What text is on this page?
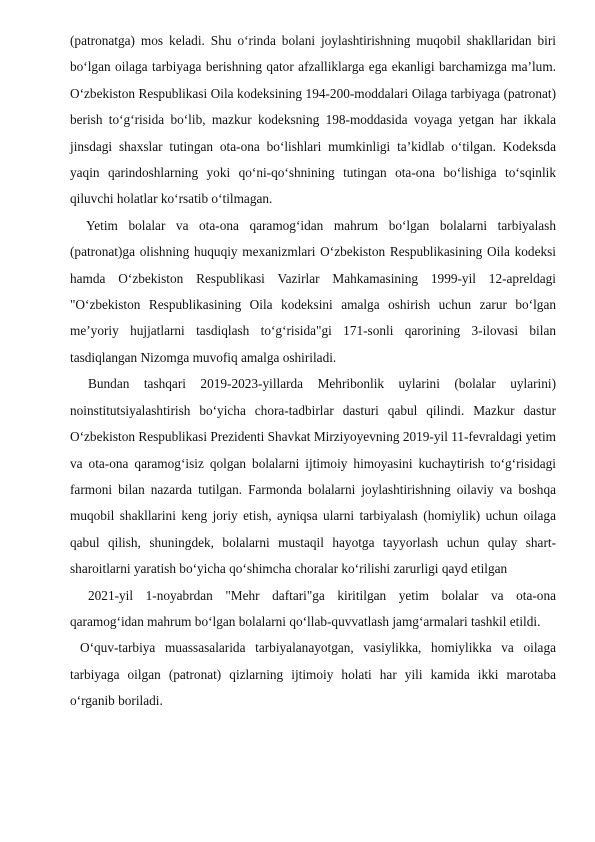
(patronatga) mos keladi. Shu o‘rinda bolani joylashtirishning muqobil shakllaridan biri bo‘lgan oilaga tarbiyaga berishning qator afzalliklarga ega ekanligi barchamizga ma’lum. O‘zbekiston Respublikasi Oila kodeksining 194-200-moddalari Oilaga tarbiyaga (patronat) berish to‘g‘risida bo‘lib, mazkur kodeksning 198-moddasida voyaga yetgan har ikkala jinsdagi shaxslar tutingan ota-ona bo‘lishlari mumkinligi ta’kidlab o‘tilgan. Kodeksda yaqin qarindoshlarning yoki qo‘ni-qo‘shnining tutingan ota-ona bo‘lishiga to‘sqinlik qiluvchi holatlar ko‘rsatib o‘tilmagan.

Yetim bolalar va ota-ona qaramog‘idan mahrum bo‘lgan bolalarni tarbiyalash (patronat)ga olishning huquqiy mexanizmlari O‘zbekiston Respublikasining Oila kodeksi hamda O‘zbekiston Respublikasi Vazirlar Mahkamasining 1999-yil 12-apreldagi "O‘zbekiston Respublikasining Oila kodeksini amalga oshirish uchun zarur bo‘lgan me’yoriy hujjatlarni tasdiqlash to‘g‘risida"gi 171-sonli qarorining 3-ilovasi bilan tasdiqlangan Nizomga muvofiq amalga oshiriladi.

Bundan tashqari 2019-2023-yillarda Mehribonlik uylarini (bolalar uylarini) noinstitutsiyalashtirish bo‘yicha chora-tadbirlar dasturi qabul qilindi. Mazkur dastur O‘zbekiston Respublikasi Prezidenti Shavkat Mirziyoyevning 2019-yil 11-fevraldagi yetim va ota-ona qaramog‘isiz qolgan bolalarni ijtimoiy himoyasini kuchaytirish to‘g‘risidagi farmoni bilan nazarda tutilgan. Farmonda bolalarni joylashtirishning oilaviy va boshqa muqobil shakllarini keng joriy etish, ayniqsa ularni tarbiyalash (homiylik) uchun oilaga qabul qilish, shuningdek, bolalarni mustaqil hayotga tayyorlash uchun qulay shart-sharoitlarni yaratish bo‘yicha qo‘shimcha choralar ko‘rilishi zarurligi qayd etilgan

2021-yil 1-noyabrdan "Mehr daftari"ga kiritilgan yetim bolalar va ota-ona qaramog‘idan mahrum bo‘lgan bolalarni qo‘llab-quvvatlash jamg‘armalari tashkil etildi.

O‘quv-tarbiya muassasalarida tarbiyalanayotgan, vasiylikka, homiylikka va oilaga tarbiyaga oilgan (patronat) qizlarning ijtimoiy holati har yili kamida ikki marotaba o‘rganib boriladi.
